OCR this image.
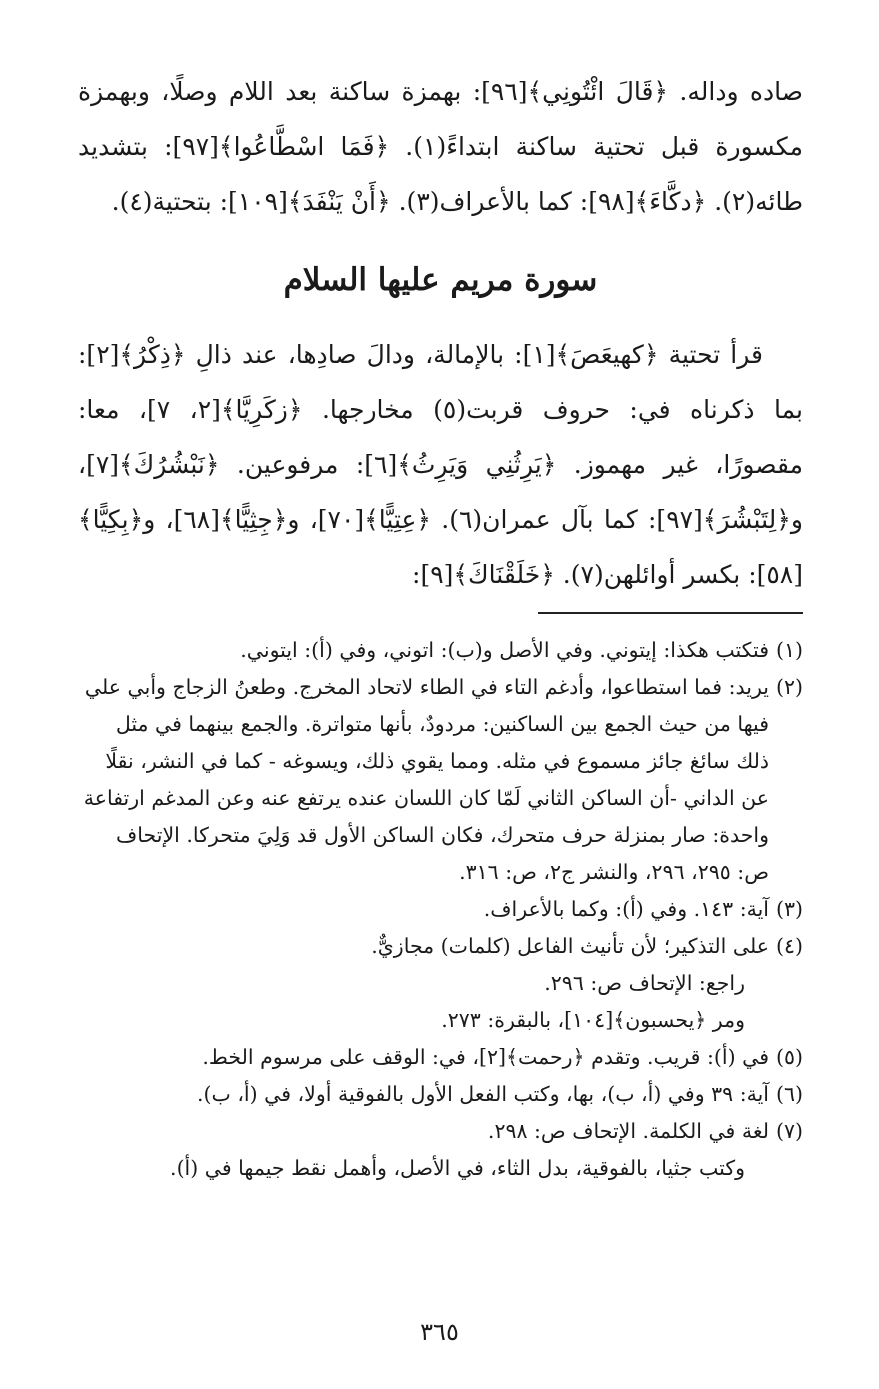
صاده وداله. ﴿قَالَ ائْتُونِي﴾[٩٦]: بهمزة ساكنة بعد اللام وصلًا، وبهمزة مكسورة قبل تحتية ساكنة ابتداءً(١). ﴿فَمَا اسْطَّاعُوا﴾[٩٧]: بتشديد طائه(٢). ﴿دكَّاءَ﴾[٩٨]: كما بالأعراف(٣). ﴿أَنْ يَنْفَدَ﴾[١٠٩]: بتحتية(٤).

سورة مريم عليها السلام

قرأ تحتية ﴿كهيعَصَ﴾[١]: بالإمالة، ودالَ صادِها، عند ذالِ ﴿ذِكْرُ﴾[٢]: بما ذكرناه في: حروف قربت(٥) مخارجها. ﴿زكَرِيَّا﴾[٢، ٧]، معا: مقصورًا، غير مهموز. ﴿يَرِثُنِي وَيَرِثُ﴾[٦]: مرفوعين. ﴿نَبْشُرُكَ﴾[٧]، و﴿لِتَبْشُرَ﴾[٩٧]: كما بآل عمران(٦). ﴿عِتِيًّا﴾[٧٠]، و﴿جِثِيًّا﴾[٦٨]، و﴿بِكِيًّا﴾[٥٨]: بكسر أوائلهن(٧). ﴿خَلَقْنَاكَ﴾[٩]:

(١)
فتكتب هكذا: إيتوني. وفي الأصل و(ب): اتوني، وفي (أ): ايتوني.
(٢)
يريد: فما استطاعوا، وأدغم التاء في الطاء لاتحاد المخرج. وطعنُ الزجاج وأبي علي فيها من حيث الجمع بين الساكنين: مردودٌ، بأنها متواترة. والجمع بينهما في مثل ذلك سائغ جائز مسموع في مثله. ومما يقوي ذلك، ويسوغه - كما في النشر، نقلًا عن الداني -أن الساكن الثاني لَمّا كان اللسان عنده يرتفع عنه وعن المدغم ارتفاعة واحدة: صار بمنزلة حرف متحرك، فكان الساكن الأول قد وَلِيَ متحركا. الإتحاف ص: ٢٩٥، ٢٩٦، والنشر ج٢، ص: ٣١٦.
(٣)
آية: ١٤٣. وفي (أ): وكما بالأعراف.
(٤)
على التذكير؛ لأن تأنيث الفاعل (كلمات) مجازيٌّ.
راجع: الإتحاف ص: ٢٩٦.
ومر ﴿يحسبون﴾[١٠٤]، بالبقرة: ٢٧٣.
(٥)
في (أ): قريب. وتقدم ﴿رحمت﴾[٢]، في: الوقف على مرسوم الخط.
(٦)
آية: ٣٩ وفي (أ، ب)، بها، وكتب الفعل الأول بالفوقية أولا، في (أ، ب).
(٧)
لغة في الكلمة. الإتحاف ص: ٢٩٨.
وكتب جثيا، بالفوقية، بدل الثاء، في الأصل، وأهمل نقط جيمها في (أ).
٣٦٥
